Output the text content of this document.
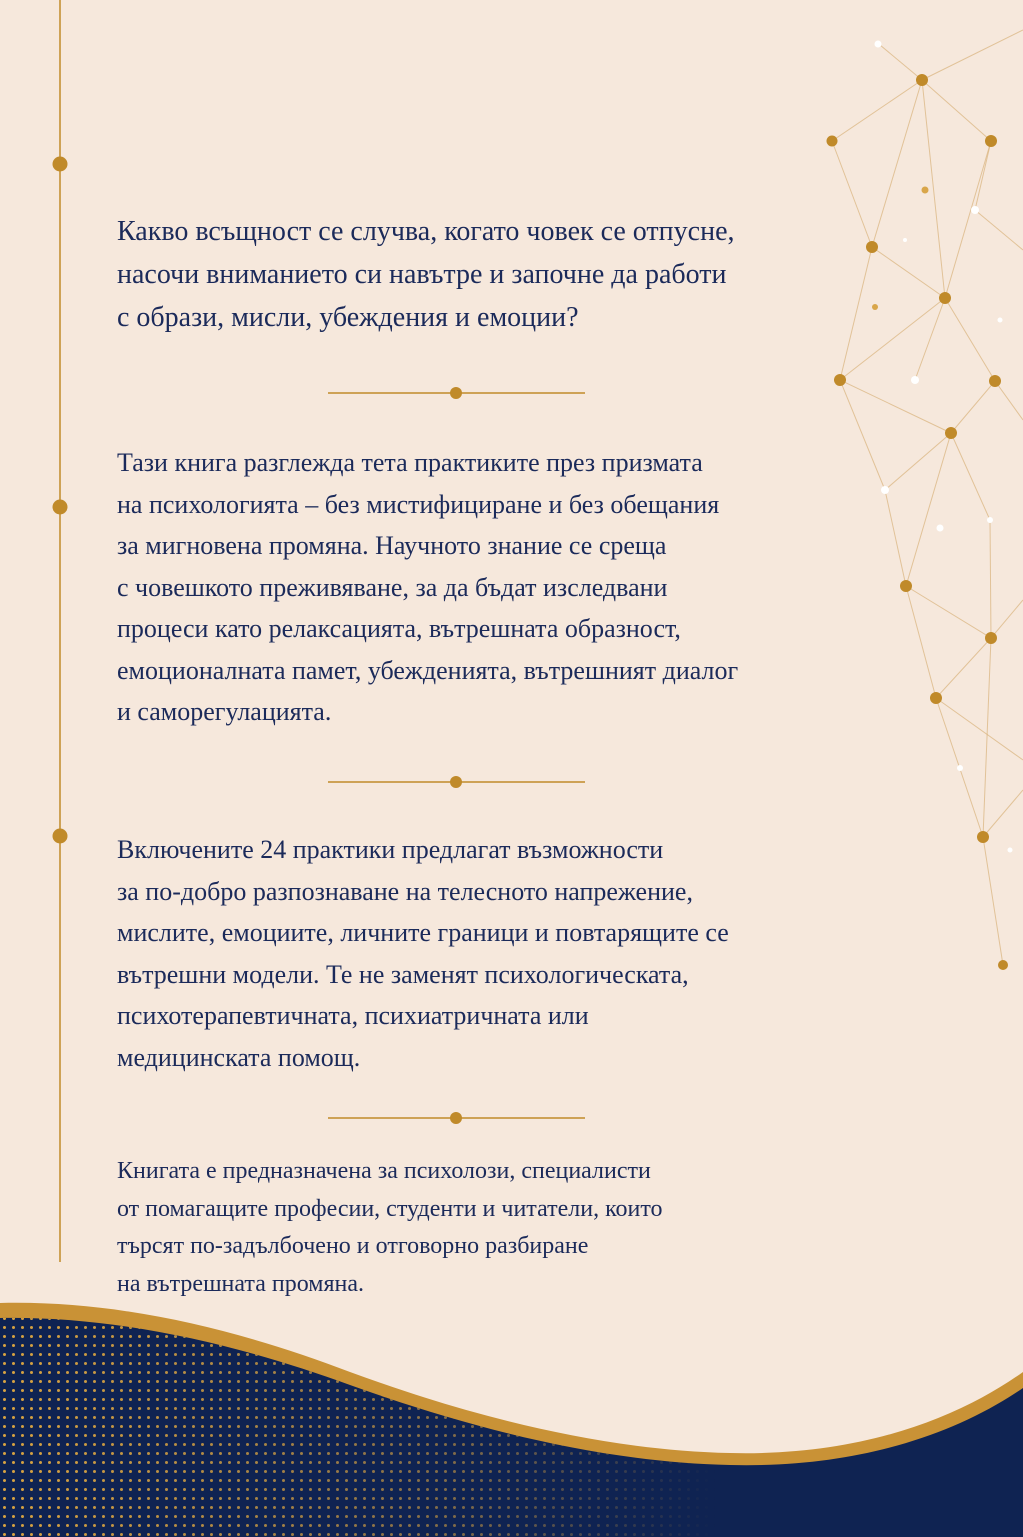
Какво всъщност се случва, когато човек се отпусне,
насочи вниманието си навътре и започне да работи
с образи, мисли, убеждения и емоции?
Тази книга разглежда тета практиките през призмата
на психологията – без мистифициране и без обещания
за мигновена промяна. Научното знание се среща
с човешкото преживяване, за да бъдат изследвани
процеси като релаксацията, вътрешната образност,
емоционалната памет, убежденията, вътрешният диалог
и саморегулацията.
Включените 24 практики предлагат възможности
за по-добро разпознаване на телесното напрежение,
мислите, емоциите, личните граници и повтарящите се
вътрешни модели. Те не заменят психологическата,
психотерапевтичната, психиатричната или
медицинската помощ.
Книгата е предназначена за психолози, специалисти
от помагащите професии, студенти и читатели, които
търсят по-задълбочено и отговорно разбиране
на вътрешната промяна.
